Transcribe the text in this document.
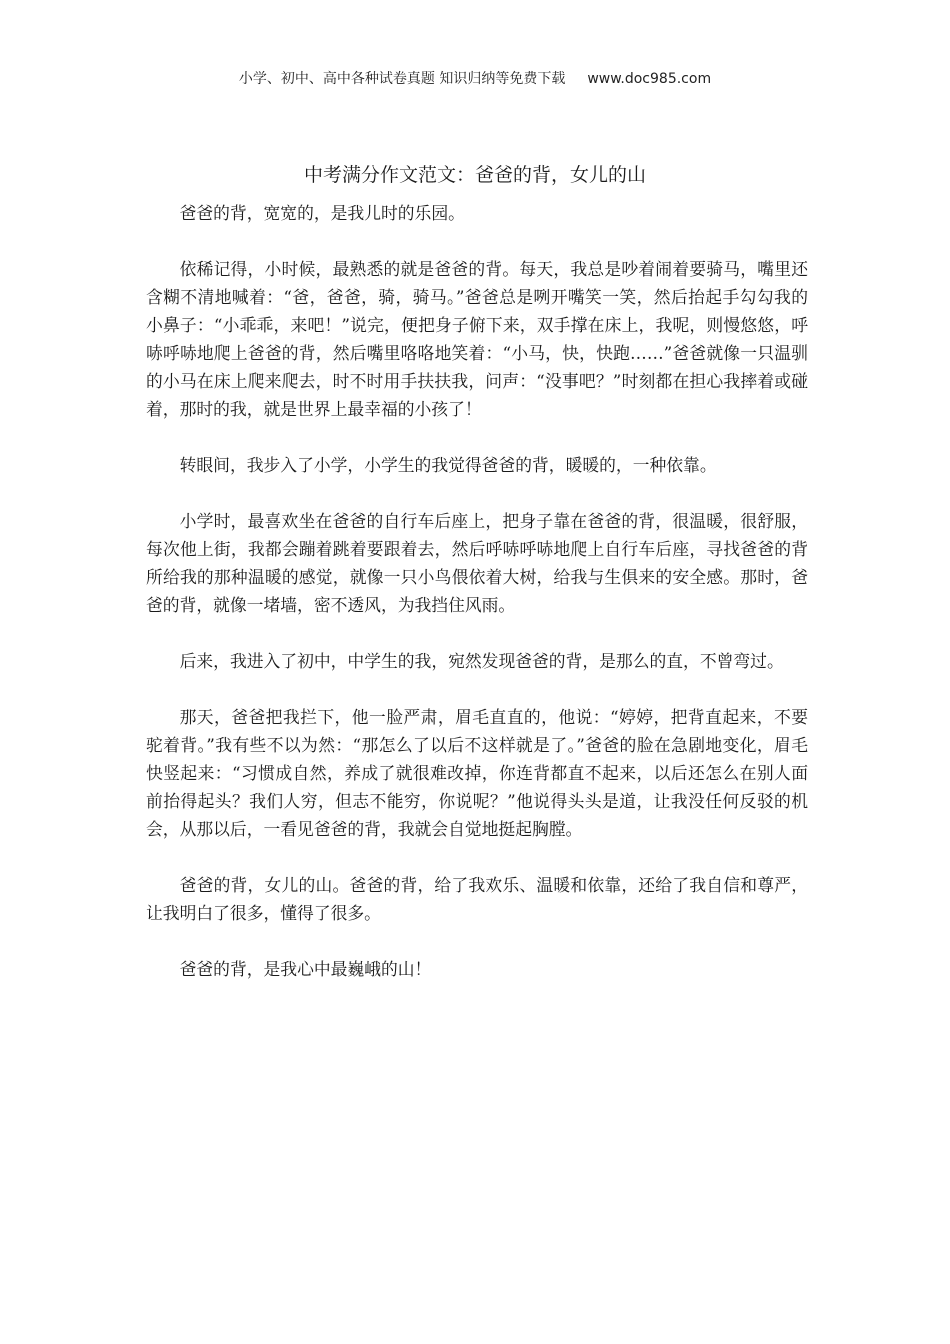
小学、初中、高中各种试卷真题 知识归纳等免费下载 www.doc985.com
中考满分作文范文：爸爸的背，女儿的山

爸爸的背，宽宽的，是我儿时的乐园。

依稀记得，小时候，最熟悉的就是爸爸的背。每天，我总是吵着闹着要骑马，嘴里还含糊不清地喊着：“爸，爸爸，骑，骑马。”爸爸总是咧开嘴笑一笑，然后抬起手勾勾我的小鼻子：“小乖乖，来吧！”说完，便把身子俯下来，双手撑在床上，我呢，则慢悠悠，呼哧呼哧地爬上爸爸的背，然后嘴里咯咯地笑着：“小马，快，快跑……”爸爸就像一只温驯的小马在床上爬来爬去，时不时用手扶扶我，问声：“没事吧？”时刻都在担心我摔着或碰着，那时的我，就是世界上最幸福的小孩了！

转眼间，我步入了小学，小学生的我觉得爸爸的背，暖暖的，一种依靠。

小学时，最喜欢坐在爸爸的自行车后座上，把身子靠在爸爸的背，很温暖，很舒服，每次他上街，我都会蹦着跳着要跟着去，然后呼哧呼哧地爬上自行车后座，寻找爸爸的背所给我的那种温暖的感觉，就像一只小鸟偎依着大树，给我与生俱来的安全感。那时，爸爸的背，就像一堵墙，密不透风，为我挡住风雨。

后来，我进入了初中，中学生的我，宛然发现爸爸的背，是那么的直，不曾弯过。

那天，爸爸把我拦下，他一脸严肃，眉毛直直的，他说：“婷婷，把背直起来，不要驼着背。”我有些不以为然：“那怎么了以后不这样就是了。”爸爸的脸在急剧地变化，眉毛快竖起来：“习惯成自然，养成了就很难改掉，你连背都直不起来，以后还怎么在别人面前抬得起头？我们人穷，但志不能穷，你说呢？”他说得头头是道，让我没任何反驳的机会，从那以后，一看见爸爸的背，我就会自觉地挺起胸膛。

爸爸的背，女儿的山。爸爸的背，给了我欢乐、温暖和依靠，还给了我自信和尊严，让我明白了很多，懂得了很多。

爸爸的背，是我心中最巍峨的山！
